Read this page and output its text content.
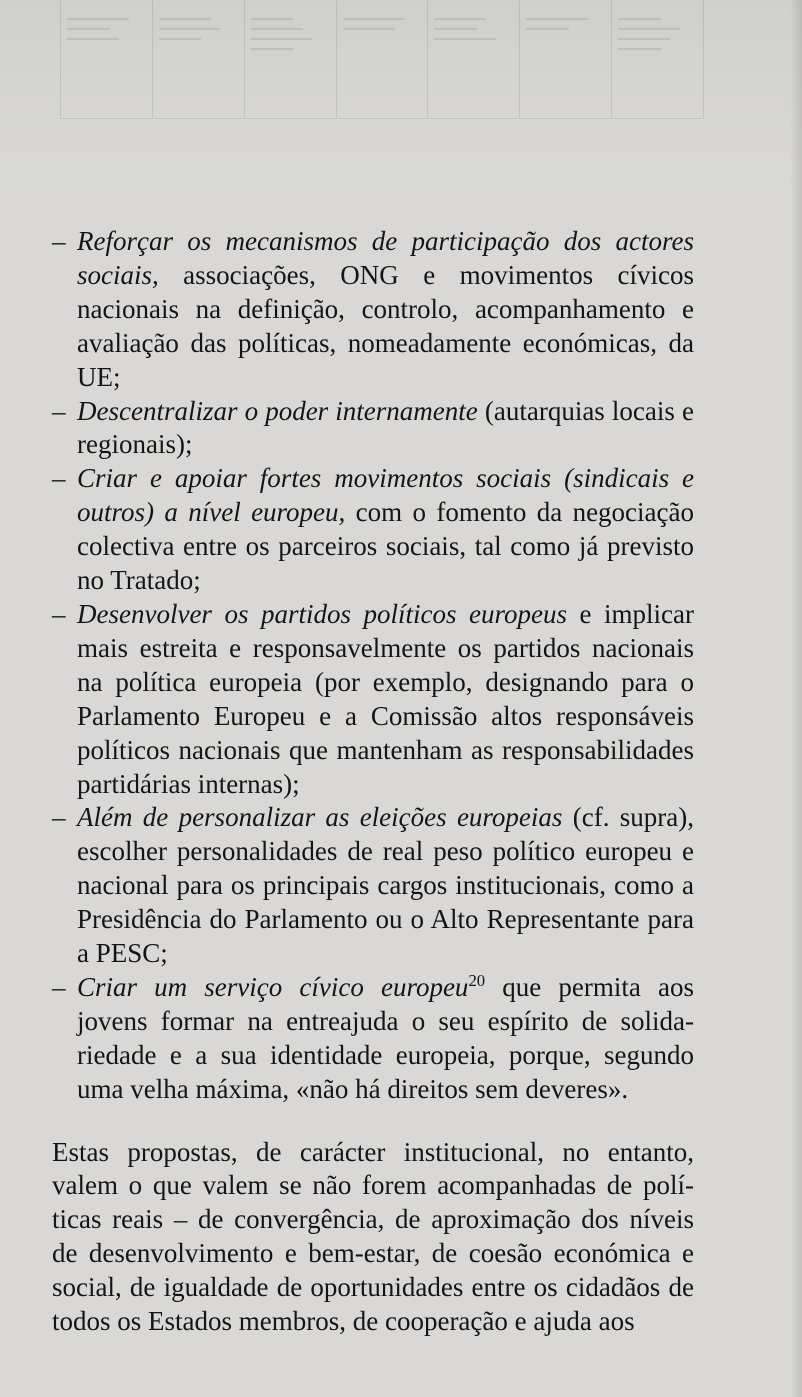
– Reforçar os mecanismos de participação dos actores sociais, associações, ONG e movimentos cívicos nacionais na definição, controlo, acompanhamento e avaliação das políticas, nomeadamente económicas, da UE;
– Descentralizar o poder internamente (autarquias locais e regionais);
– Criar e apoiar fortes movimentos sociais (sindicais e outros) a nível europeu, com o fomento da negociação colectiva entre os parceiros sociais, tal como já previsto no Tratado;
– Desenvolver os partidos políticos europeus e implicar mais estreita e responsavelmente os partidos nacionais na política europeia (por exemplo, designando para o Parlamento Europeu e a Comissão altos responsáveis políticos nacionais que mantenham as responsabilidades partidárias internas);
– Além de personalizar as eleições europeias (cf. supra), escolher personalidades de real peso político europeu e nacional para os principais cargos institucionais, como a Presidência do Parlamento ou o Alto Representante para a PESC;
– Criar um serviço cívico europeu$^{20}$ que permita aos jovens formar na entreajuda o seu espírito de solidariedade e a sua identidade europeia, porque, segundo uma velha máxima, «não há direitos sem deveres».

Estas propostas, de carácter institucional, no entanto, valem o que valem se não forem acompanhadas de políticas reais – de convergência, de aproximação dos níveis de desenvolvimento e bem-estar, de coesão económica e social, de igualdade de oportunidades entre os cidadãos de todos os Estados membros, de cooperação e ajuda aos
